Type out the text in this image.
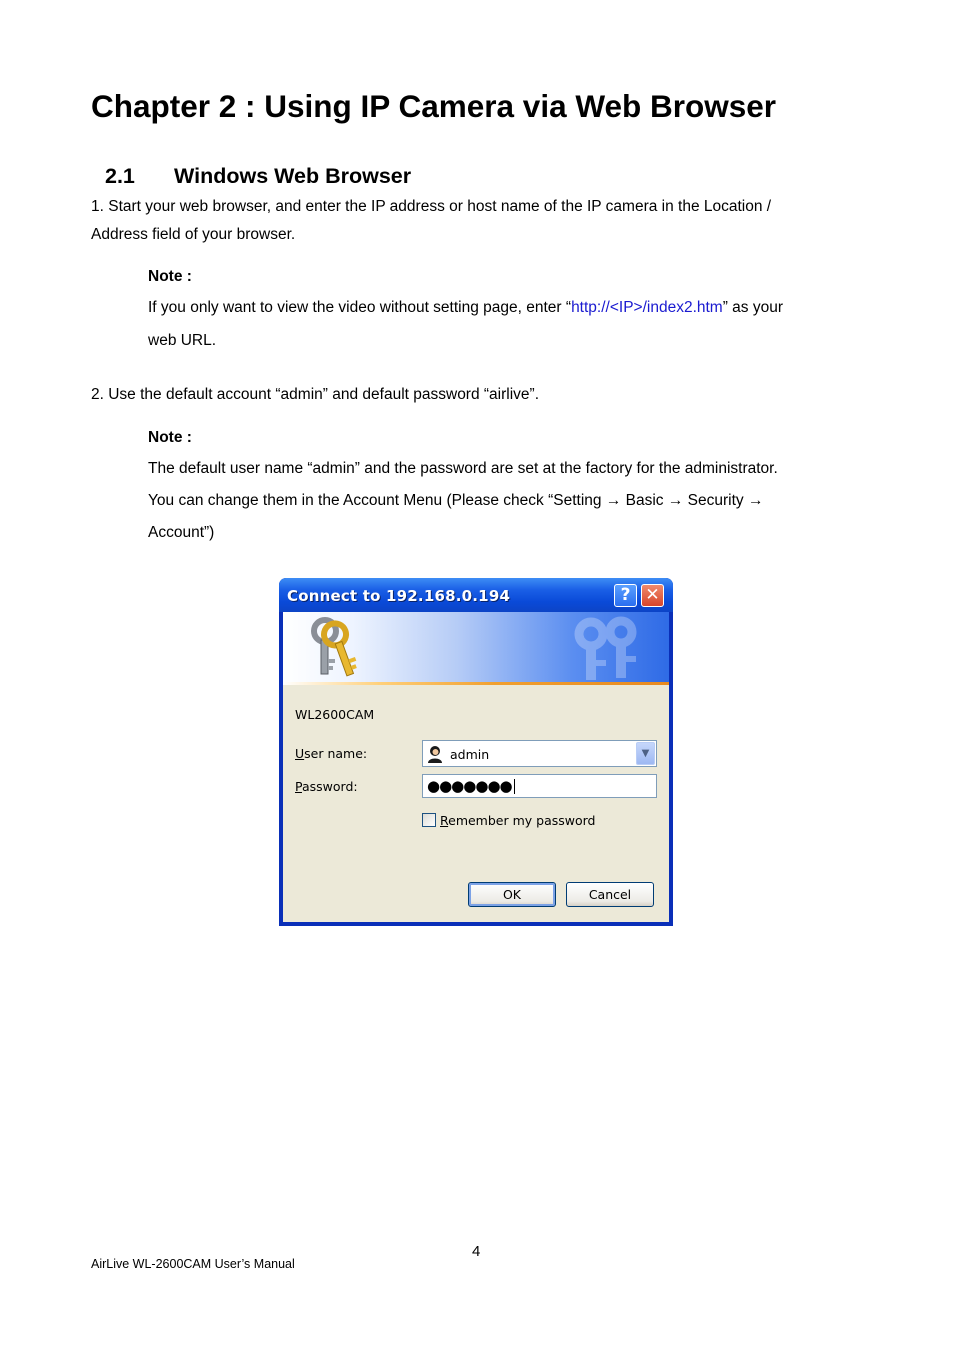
Chapter 2 : Using IP Camera via Web Browser
2.1 Windows Web Browser
1. Start your web browser, and enter the IP address or host name of the IP camera in the Location /
Address field of your browser.
Note :
If you only want to view the video without setting page, enter “http://<IP>/index2.htm” as your
web URL.
2. Use the default account “admin” and default password “airlive”.
Note :
The default user name “admin” and the password are set at the factory for the administrator.
You can change them in the Account Menu (Please check “Setting → Basic → Security →
Account”)
Connect to 192.168.0.194	? ✕
WL2600CAM
User name:	admin	▼
Password:	●●●●●●●
Remember my password
OK	Cancel
4
AirLive WL-2600CAM User’s Manual
